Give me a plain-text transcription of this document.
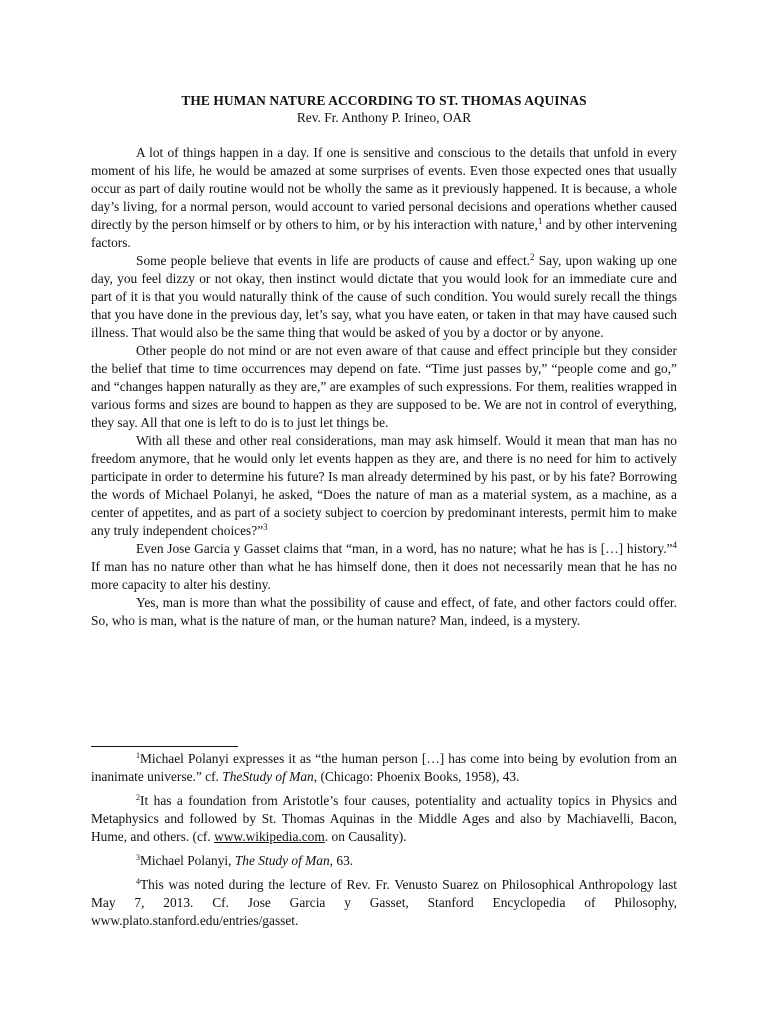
THE HUMAN NATURE ACCORDING TO ST. THOMAS AQUINAS

Rev. Fr. Anthony P. Irineo, OAR

A lot of things happen in a day. If one is sensitive and conscious to the details that unfold in every moment of his life, he would be amazed at some surprises of events. Even those expected ones that usually occur as part of daily routine would not be wholly the same as it previously happened. It is because, a whole day’s living, for a normal person, would account to varied personal decisions and operations whether caused directly by the person himself or by others to him, or by his interaction with nature,$^1$ and by other intervening factors.

Some people believe that events in life are products of cause and effect.$^2$ Say, upon waking up one day, you feel dizzy or not okay, then instinct would dictate that you would look for an immediate cure and part of it is that you would naturally think of the cause of such condition. You would surely recall the things that you have done in the previous day, let’s say, what you have eaten, or taken in that may have caused such illness. That would also be the same thing that would be asked of you by a doctor or by anyone.

Other people do not mind or are not even aware of that cause and effect principle but they consider the belief that time to time occurrences may depend on fate. “Time just passes by,” “people come and go,” and “changes happen naturally as they are,” are examples of such expressions. For them, realities wrapped in various forms and sizes are bound to happen as they are supposed to be. We are not in control of everything, they say. All that one is left to do is to just let things be.

With all these and other real considerations, man may ask himself. Would it mean that man has no freedom anymore, that he would only let events happen as they are, and there is no need for him to actively participate in order to determine his future? Is man already determined by his past, or by his fate? Borrowing the words of Michael Polanyi, he asked, “Does the nature of man as a material system, as a machine, as a center of appetites, and as part of a society subject to coercion by predominant interests, permit him to make any truly independent choices?”$^3$

Even Jose Garcia y Gasset claims that “man, in a word, has no nature; what he has is […] history.”$^4$ If man has no nature other than what he has himself done, then it does not necessarily mean that he has no more capacity to alter his destiny.

Yes, man is more than what the possibility of cause and effect, of fate, and other factors could offer. So, who is man, what is the nature of man, or the human nature? Man, indeed, is a mystery.

$^1$Michael Polanyi expresses it as “the human person […] has come into being by evolution from an inanimate universe.” cf. TheStudy of Man, (Chicago: Phoenix Books, 1958), 43.

$^2$It has a foundation from Aristotle’s four causes, potentiality and actuality topics in Physics and Metaphysics and followed by St. Thomas Aquinas in the Middle Ages and also by Machiavelli, Bacon, Hume, and others. (cf. www.wikipedia.com. on Causality).

$^3$Michael Polanyi, The Study of Man, 63.

$^4$This was noted during the lecture of Rev. Fr. Venusto Suarez on Philosophical Anthropology last May 7, 2013. Cf. Jose Garcia y Gasset, Stanford Encyclopedia of Philosophy, www.plato.stanford.edu/entries/gasset.
